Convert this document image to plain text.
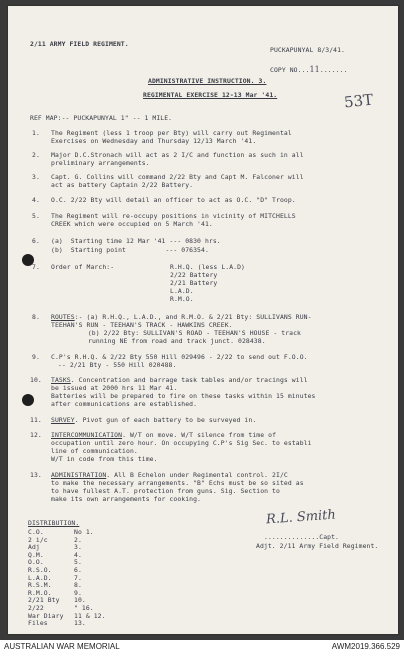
2/11 ARMY FIELD REGIMENT.
PUCKAPUNYAL 8/3/41.
COPY NO...11.......
53T
ADMINISTRATIVE INSTRUCTION. 3.
REGIMENTAL EXERCISE 12-13 Mar '41.
REF MAP:-- PUCKAPUNYAL 1" -- 1 MILE.
1. The Regiment (less 1 troop per Bty) will carry out Regimental
Exercises on Wednesday and Thursday 12/13 March '41.
2. Major D.C.Stronach will act as 2 I/C and function as such in all
preliminary arrangements.
3. Capt. G. Collins will command 2/22 Bty and Capt M. Falconer will
act as battery Captain 2/22 Battery.
4. O.C. 2/22 Bty will detail an officer to act as O.C. "D" Troop.
5. The Regiment will re-occupy positions in vicinity of MITCHELLS
CREEK which were occupied on 5 March '41.
6. (a)  Starting time 12 Mar '41 --- 0830 hrs.
(b)  Starting point          --- 076354.
7. Order of March:-	R.H.Q. (less L.A.D)
2/22 Battery
2/21 Battery
L.A.D.
R.M.O.
8. ROUTES:- (a) R.H.Q., L.A.D., and R.M.O. & 2/21 Bty: SULLIVANS RUN-
TEEHAN'S RUN - TEEHAN'S TRACK - HAWKINS CREEK.
(b) 2/22 Bty: SULLIVAN'S ROAD - TEEHAN'S HOUSE - track
running NE from road and track junct. 028438.
9. C.P's R.H.Q. & 2/22 Bty 550 Hill 029496 - 2/22 to send out F.O.O.
-- 2/21 Bty - 550 Hill 020488.
10. TASKS. Concentration and barrage task tables and/or tracings will
be issued at 2000 hrs 11 Mar 41.
Batteries will be prepared to fire on these tasks within 15 minutes
after communications are established.
11. SURVEY. Pivot gun of each battery to be surveyed in.
12. INTERCOMMUNICATION. W/T on move. W/T silence from time of
occupation until zero hour. On occupying C.P's Sig Sec. to establi
line of communication.
W/T in code from this time.
13. ADMINISTRATION. All B Echelon under Regimental control. 2I/C
to make the necessary arrangements. "B" Echs must be so sited as
to have fullest A.T. protection from guns. Sig. Section to
make its own arrangements for cooking.
R.L. Smith
..............Capt.
Adjt. 2/11 Army Field Regiment.
DISTRIBUTION.
C.O.	No 1.
2 i/c	2.
Adj	3.
Q.M.	4.
O.O.	5.
R.S.O.	6.
L.A.D.	7.
R.S.M.	8.
R.M.O.	9.
2/21 Bty 10.
2/22	" 16.
War Diary 11 & 12.
Files	13.
AUSTRALIAN WAR MEMORIAL	AWM2019.366.529
